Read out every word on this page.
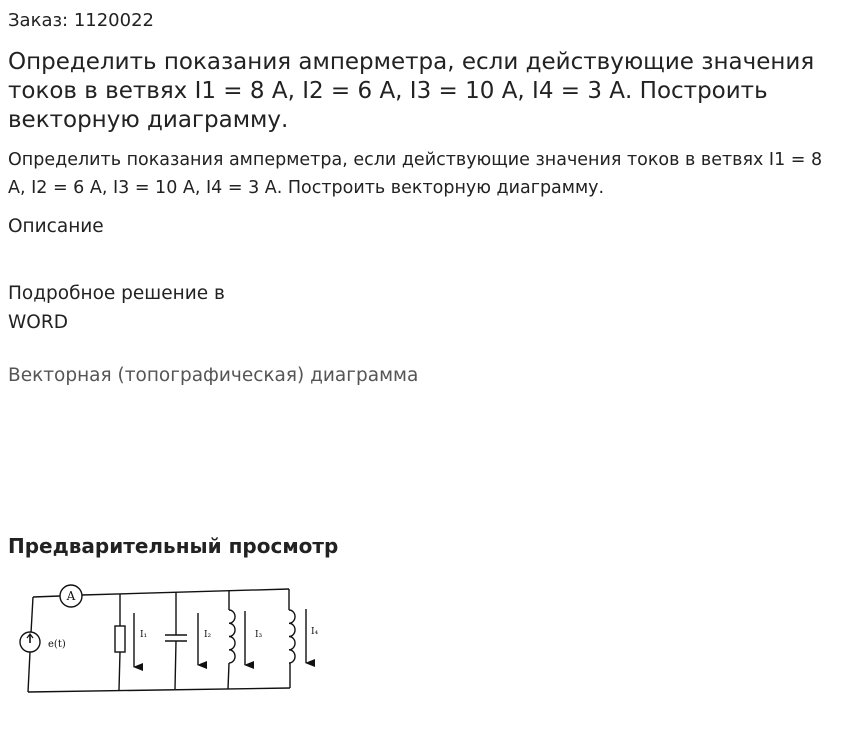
Заказ: 1120022
Определить показания амперметра, если действующие значения токов в ветвях I1 = 8 А, I2 = 6 А, I3 = 10 А, I4 = 3 А. Построить векторную диаграмму.
Определить показания амперметра, если действующие значения токов в ветвях I1 = 8 А, I2 = 6 А, I3 = 10 А, I4 = 3 А. Построить векторную диаграмму.
Описание
Подробное решение в WORD
Векторная (топографическая) диаграмма
Предварительный просмотр
A
e(t)
I₁	I₂	I₃	I₄
